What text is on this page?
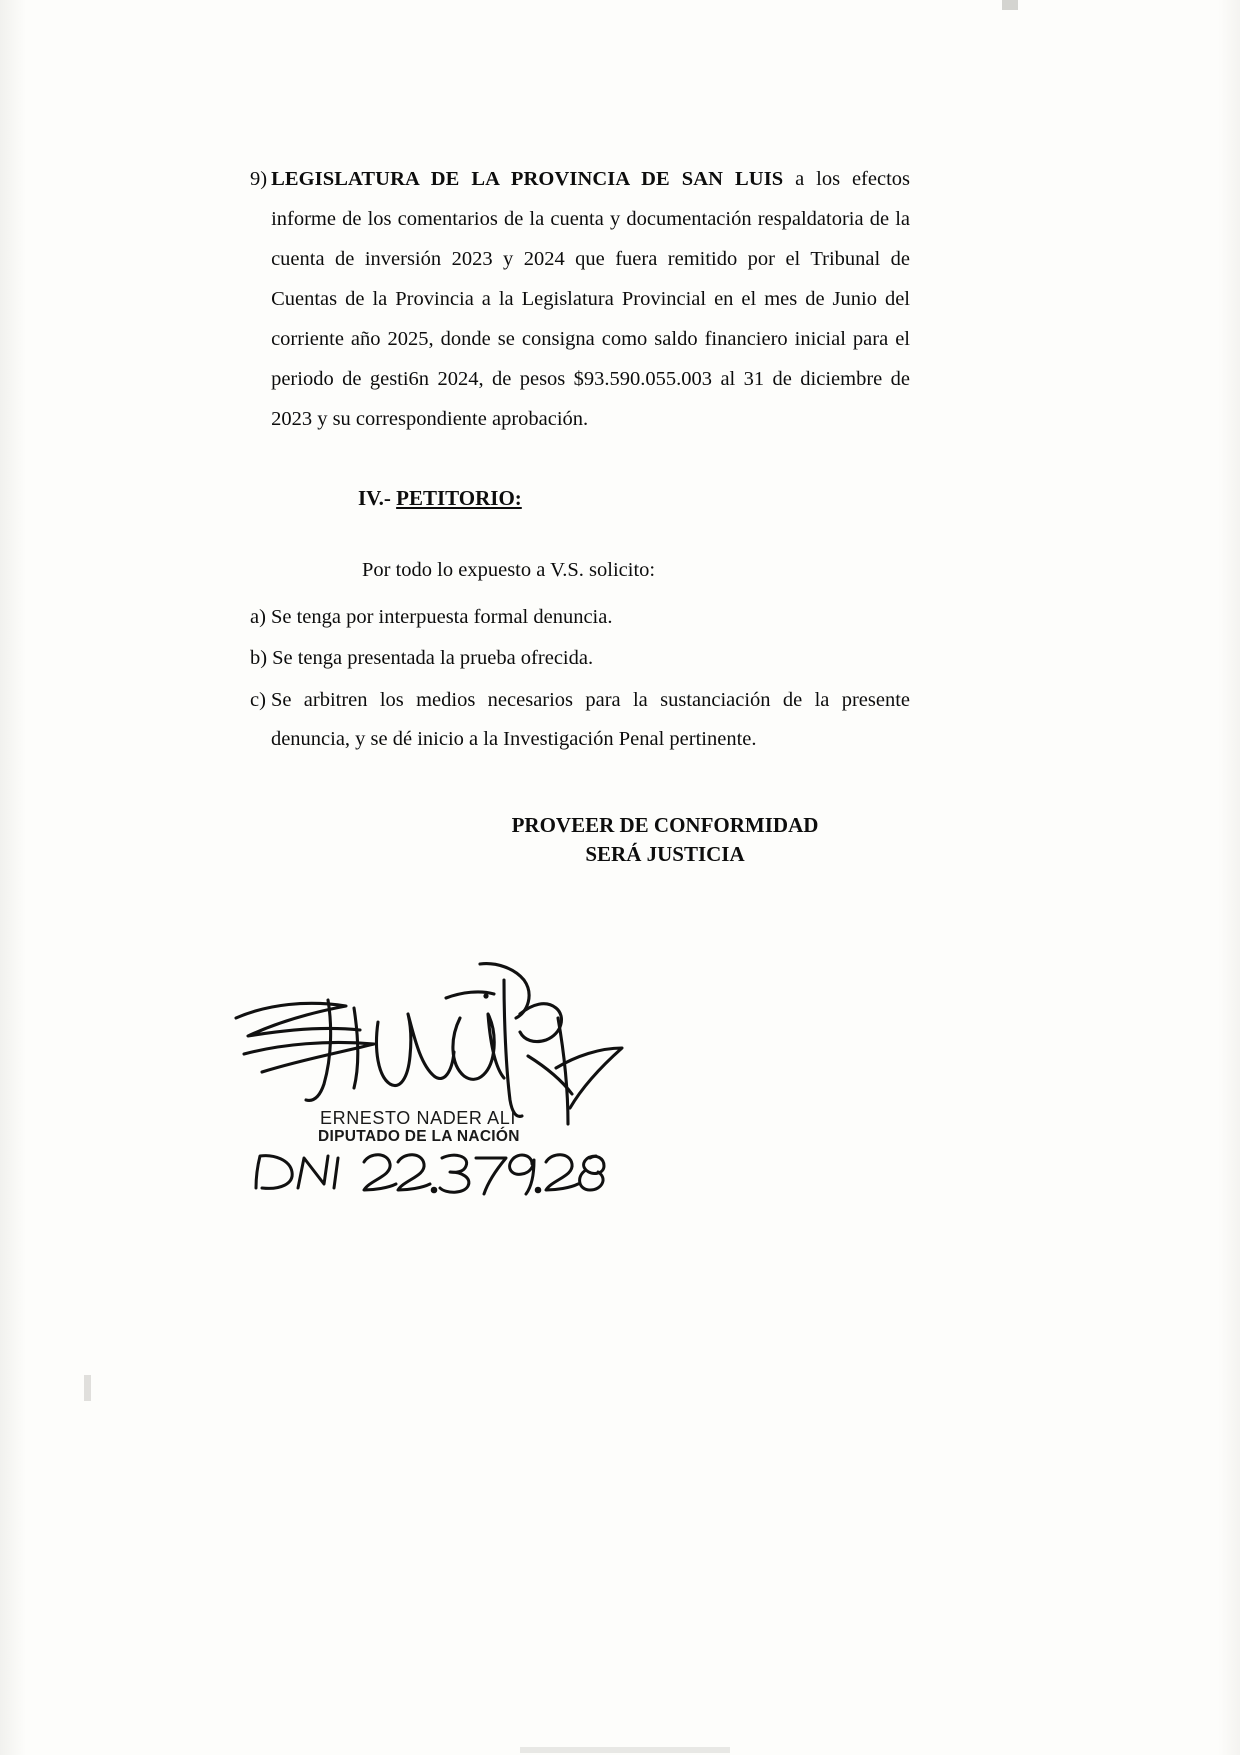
9) LEGISLATURA DE LA PROVINCIA DE SAN LUIS a los efectos informe de los comentarios de la cuenta y documentación respaldatoria de la cuenta de inversión 2023 y 2024 que fuera remitido por el Tribunal de Cuentas de la Provincia a la Legislatura Provincial en el mes de Junio del corriente año 2025, donde se consigna como saldo financiero inicial para el periodo de gesti6n 2024, de pesos $93.590.055.003 al 31 de diciembre de 2023 y su correspondiente aprobación.
IV.- PETITORIO:
Por todo lo expuesto a V.S. solicito:
a) Se tenga por interpuesta formal denuncia.
b) Se tenga presentada la prueba ofrecida.
c) Se arbitren los medios necesarios para la sustanciación de la presente denuncia, y se dé inicio a la Investigación Penal pertinente.
PROVEER DE CONFORMIDAD
SERÁ JUSTICIA
ERNESTO NADER ALI
DIPUTADO DE LA NACIÓN
